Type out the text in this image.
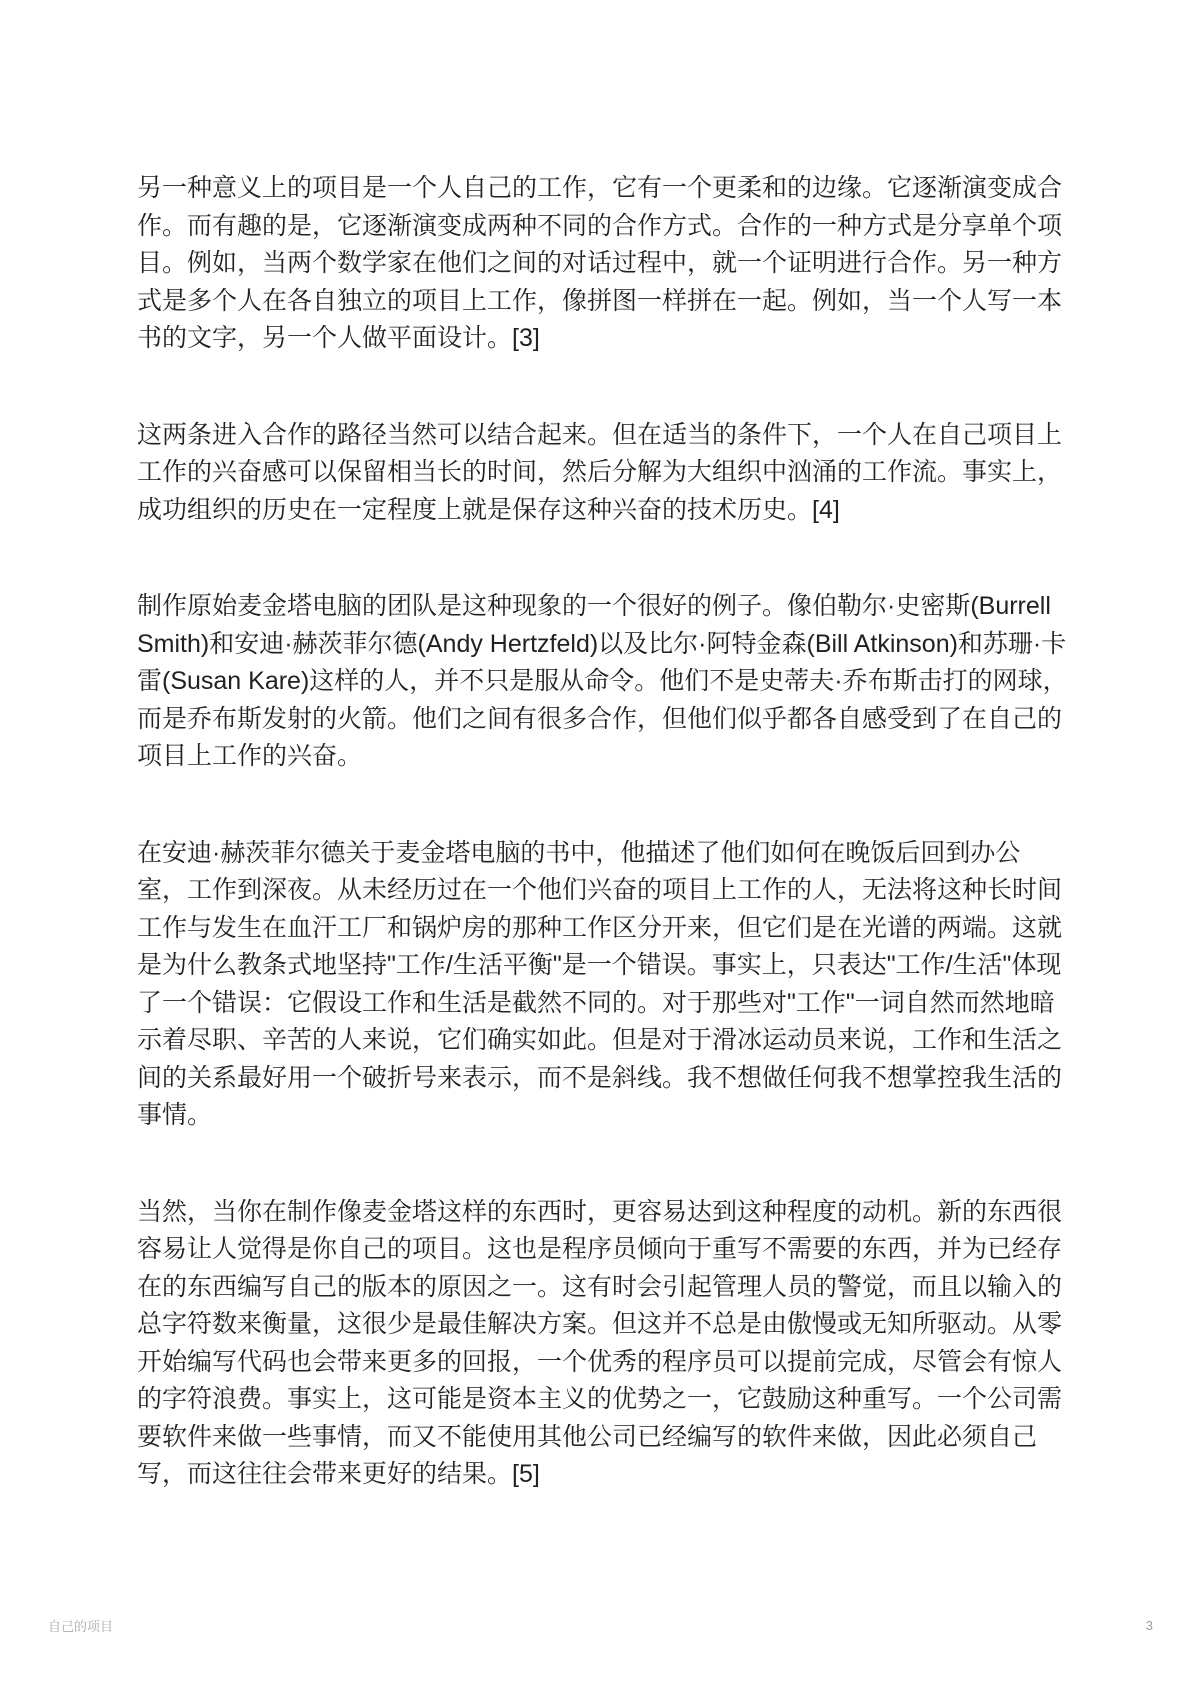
另一种意义上的项目是一个人自己的工作，它有一个更柔和的边缘。它逐渐演变成合作。而有趣的是，它逐渐演变成两种不同的合作方式。合作的一种方式是分享单个项目。例如，当两个数学家在他们之间的对话过程中，就一个证明进行合作。另一种方式是多个人在各自独立的项目上工作，像拼图一样拼在一起。例如，当一个人写一本书的文字，另一个人做平面设计。[3]

这两条进入合作的路径当然可以结合起来。但在适当的条件下，一个人在自己项目上工作的兴奋感可以保留相当长的时间，然后分解为大组织中汹涌的工作流。事实上，成功组织的历史在一定程度上就是保存这种兴奋的技术历史。[4]

制作原始麦金塔电脑的团队是这种现象的一个很好的例子。像伯勒尔·史密斯(Burrell Smith)和安迪·赫茨菲尔德(Andy Hertzfeld)以及比尔·阿特金森(Bill Atkinson)和苏珊·卡雷(Susan Kare)这样的人，并不只是服从命令。他们不是史蒂夫·乔布斯击打的网球，而是乔布斯发射的火箭。他们之间有很多合作，但他们似乎都各自感受到了在自己的项目上工作的兴奋。

在安迪·赫茨菲尔德关于麦金塔电脑的书中，他描述了他们如何在晚饭后回到办公室，工作到深夜。从未经历过在一个他们兴奋的项目上工作的人，无法将这种长时间工作与发生在血汗工厂和锅炉房的那种工作区分开来，但它们是在光谱的两端。这就是为什么教条式地坚持"工作/生活平衡"是一个错误。事实上，只表达"工作/生活"体现了一个错误：它假设工作和生活是截然不同的。对于那些对"工作"一词自然而然地暗示着尽职、辛苦的人来说，它们确实如此。但是对于滑冰运动员来说，工作和生活之间的关系最好用一个破折号来表示，而不是斜线。我不想做任何我不想掌控我生活的事情。

当然，当你在制作像麦金塔这样的东西时，更容易达到这种程度的动机。新的东西很容易让人觉得是你自己的项目。这也是程序员倾向于重写不需要的东西，并为已经存在的东西编写自己的版本的原因之一。这有时会引起管理人员的警觉，而且以输入的总字符数来衡量，这很少是最佳解决方案。但这并不总是由傲慢或无知所驱动。从零开始编写代码也会带来更多的回报，一个优秀的程序员可以提前完成，尽管会有惊人的字符浪费。事实上，这可能是资本主义的优势之一，它鼓励这种重写。一个公司需要软件来做一些事情，而又不能使用其他公司已经编写的软件来做，因此必须自己写，而这往往会带来更好的结果。[5]

自己的项目	3
